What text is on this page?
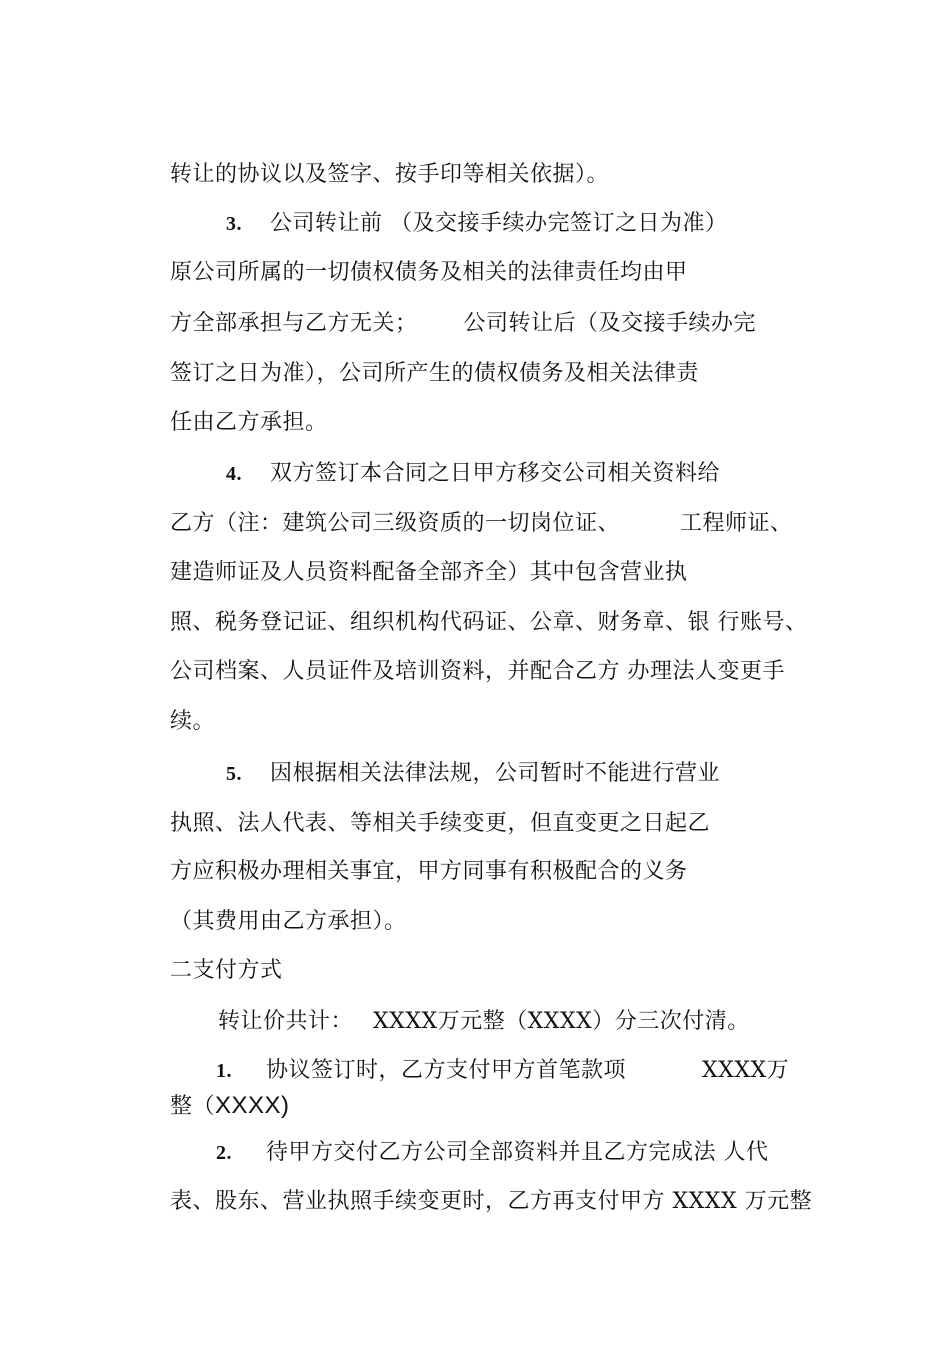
转让的协议以及签字、按手印等相关依据）。

3. 公司转让前 （及交接手续办完签订之日为准）

原公司所属的一切债权债务及相关的法律责任均由甲

方全部承担与乙方无关； 公司转让后（及交接手续办完

签订之日为准），公司所产生的债权债务及相关法律责

任由乙方承担。

4. 双方签订本合同之日甲方移交公司相关资料给

乙方（注：建筑公司三级资质的一切岗位证、	工程师证、

建造师证及人员资料配备全部齐全）其中包含营业执

照、税务登记证、组织机构代码证、公章、财务章、银 行账号、

公司档案、人员证件及培训资料，并配合乙方 办理法人变更手

续。

5. 因根据相关法律法规，公司暂时不能进行营业

执照、法人代表、等相关手续变更，但直变更之日起乙

方应积极办理相关事宜，甲方同事有积极配合的义务

（其费用由乙方承担）。

二支付方式

转让价共计： XXXX万元整（XXXX）分三次付清。

1. 协议签订时，乙方支付甲方首笔款项	XXXX万

整（XXXX)

2. 待甲方交付乙方公司全部资料并且乙方完成法 人代

表、股东、营业执照手续变更时，乙方再支付甲方 XXXX 万元整
